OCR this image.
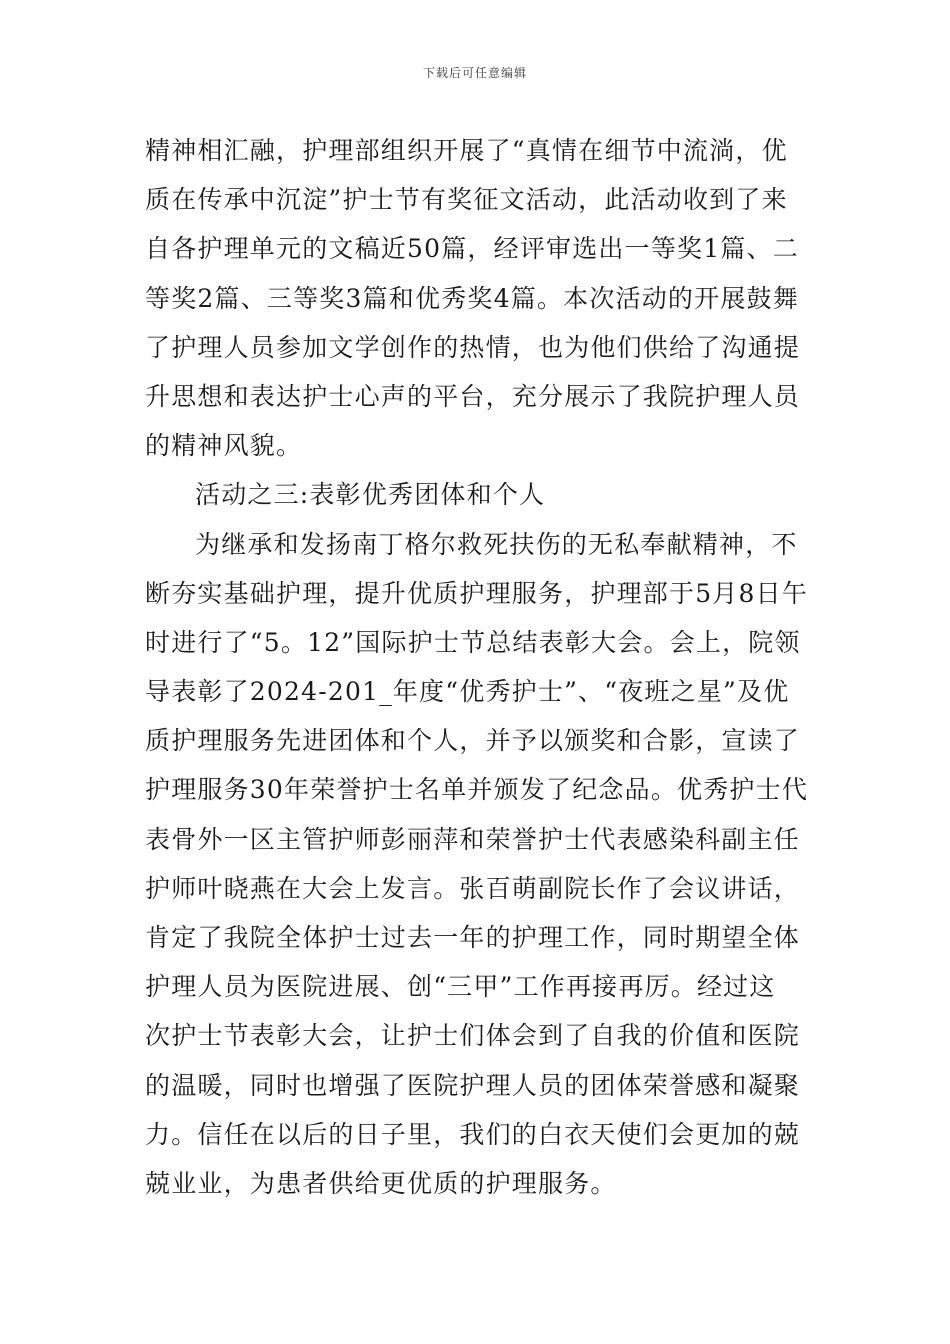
下载后可任意编辑
精神相汇融，护理部组织开展了“真情在细节中流淌，优
质在传承中沉淀”护士节有奖征文活动，此活动收到了来
自各护理单元的文稿近50篇，经评审选出一等奖1篇、二
等奖2篇、三等奖3篇和优秀奖4篇。本次活动的开展鼓舞
了护理人员参加文学创作的热情，也为他们供给了沟通提
升思想和表达护士心声的平台，充分展示了我院护理人员
的精神风貌。
活动之三:表彰优秀团体和个人
为继承和发扬南丁格尔救死扶伤的无私奉献精神，不
断夯实基础护理，提升优质护理服务，护理部于5月8日午
时进行了“5。12”国际护士节总结表彰大会。会上，院领
导表彰了2024-201_年度“优秀护士”、“夜班之星”及优
质护理服务先进团体和个人，并予以颁奖和合影，宣读了
护理服务30年荣誉护士名单并颁发了纪念品。优秀护士代
表骨外一区主管护师彭丽萍和荣誉护士代表感染科副主任
护师叶晓燕在大会上发言。张百萌副院长作了会议讲话，
肯定了我院全体护士过去一年的护理工作，同时期望全体
护理人员为医院进展、创“三甲”工作再接再厉。经过这
次护士节表彰大会，让护士们体会到了自我的价值和医院
的温暖，同时也增强了医院护理人员的团体荣誉感和凝聚
力。信任在以后的日子里，我们的白衣天使们会更加的兢
兢业业，为患者供给更优质的护理服务。
